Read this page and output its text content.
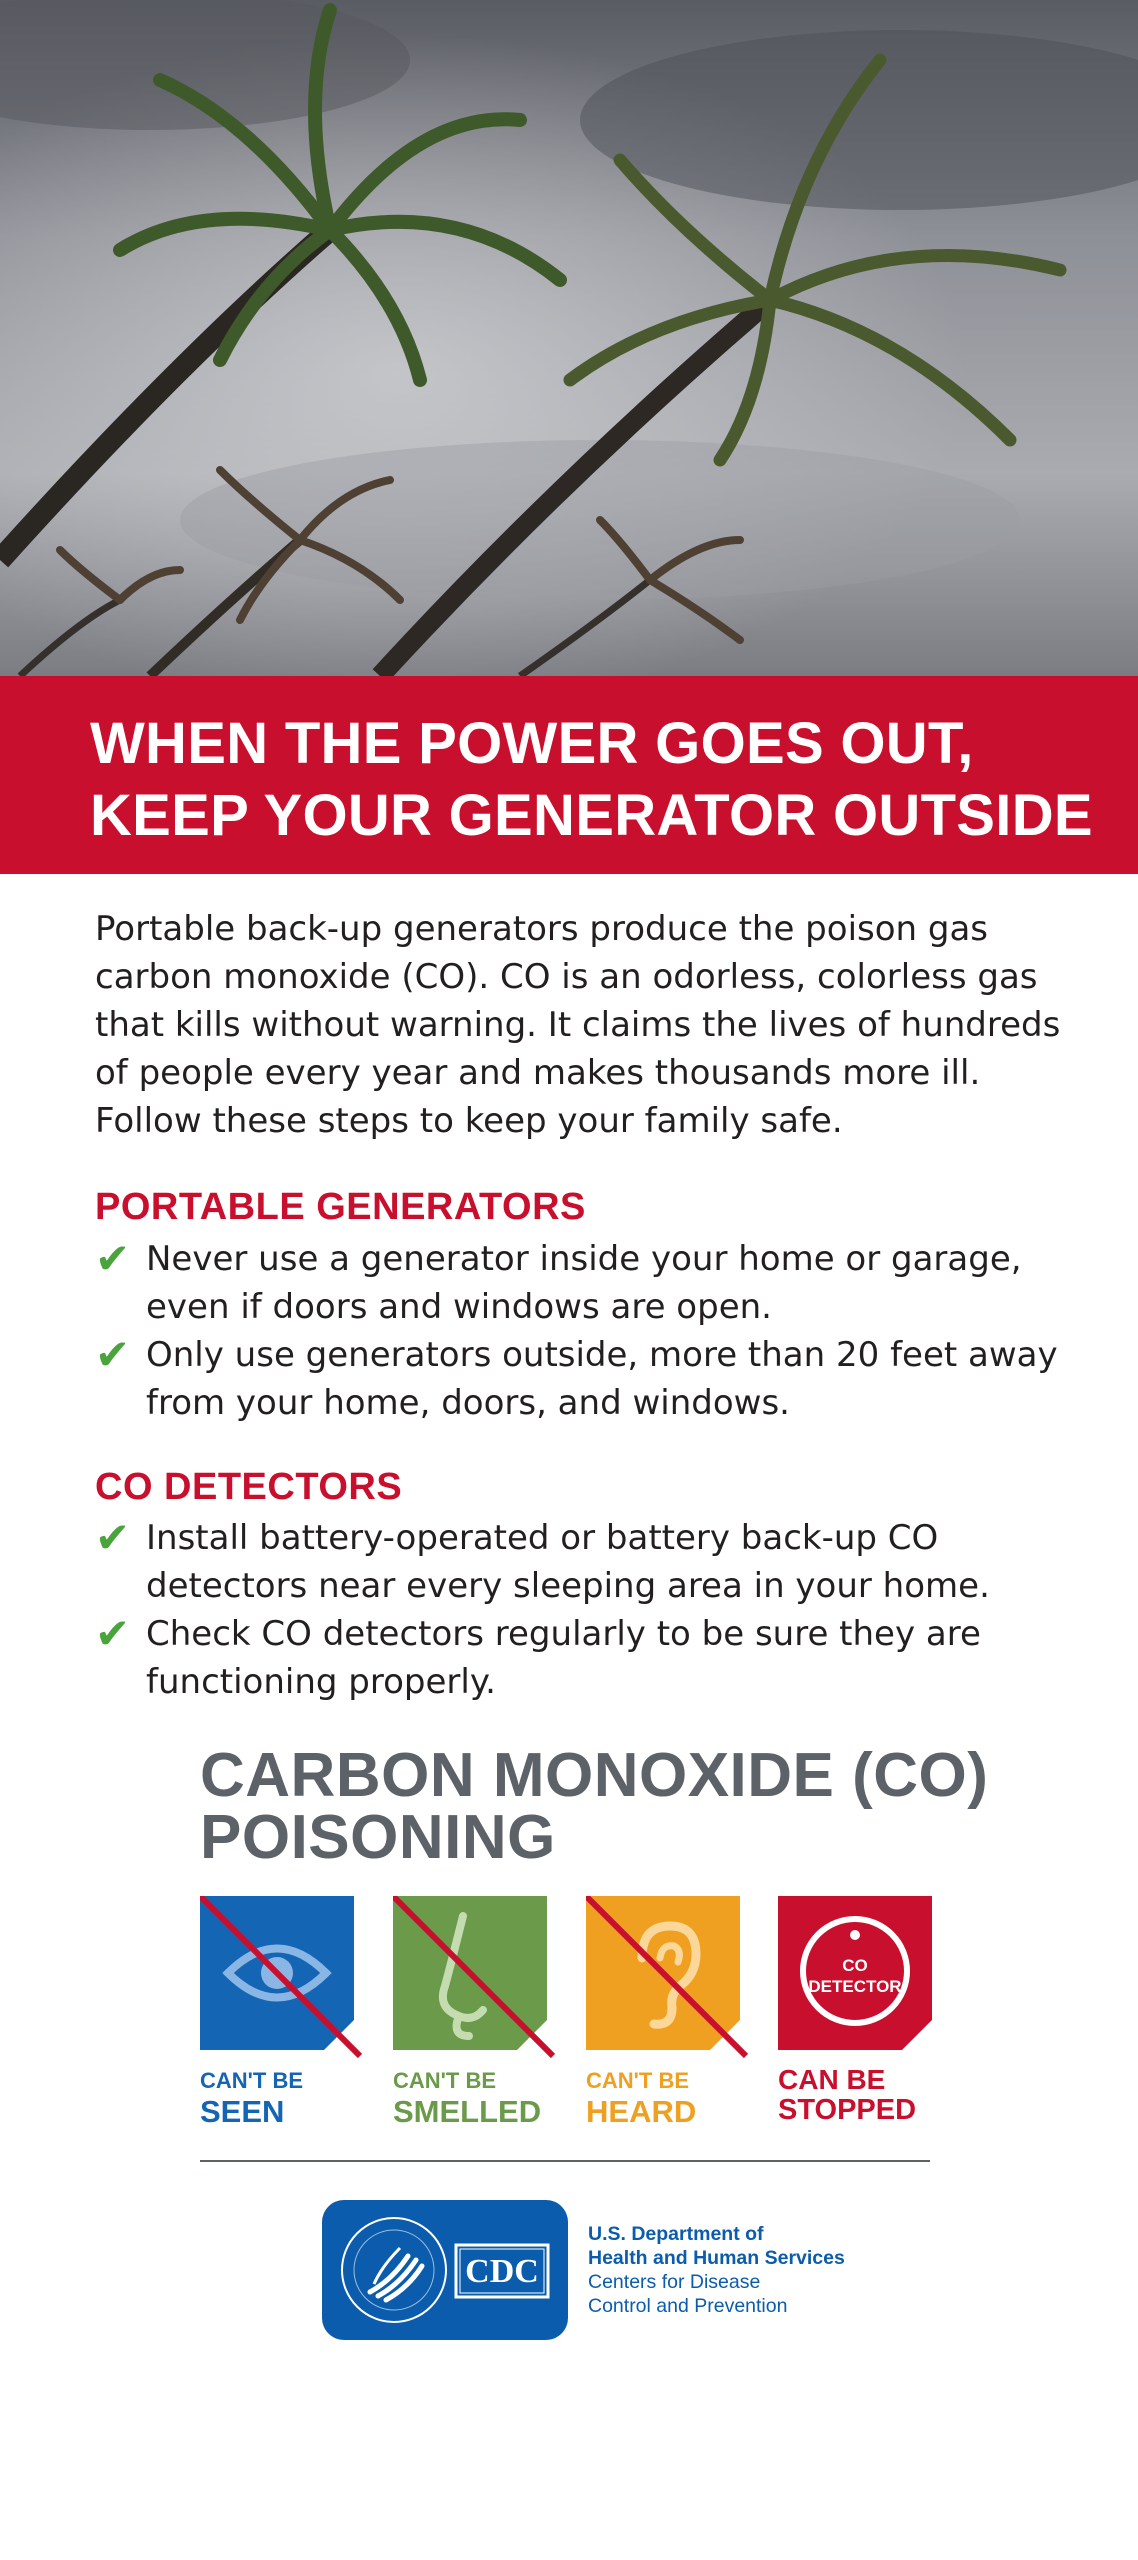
WHEN THE POWER GOES OUT,
KEEP YOUR GENERATOR OUTSIDE
Portable back-up generators produce the poison gas
carbon monoxide (CO). CO is an odorless, colorless gas
that kills without warning. It claims the lives of hundreds
of people every year and makes thousands more ill.
Follow these steps to keep your family safe.
PORTABLE GENERATORS
✔ Never use a generator inside your home or garage,
even if doors and windows are open.
✔ Only use generators outside, more than 20 feet away
from your home, doors, and windows.
CO DETECTORS
✔ Install battery-operated or battery back-up CO
detectors near every sleeping area in your home.
✔ Check CO detectors regularly to be sure they are
functioning properly.
CARBON MONOXIDE (CO)
POISONING
CAN'T BE
SEEN
CAN'T BE
SMELLED
CAN'T BE
HEARD
CO
DETECTOR
CAN BE
STOPPED
CDC
U.S. Department of
Health and Human Services
Centers for Disease
Control and Prevention
